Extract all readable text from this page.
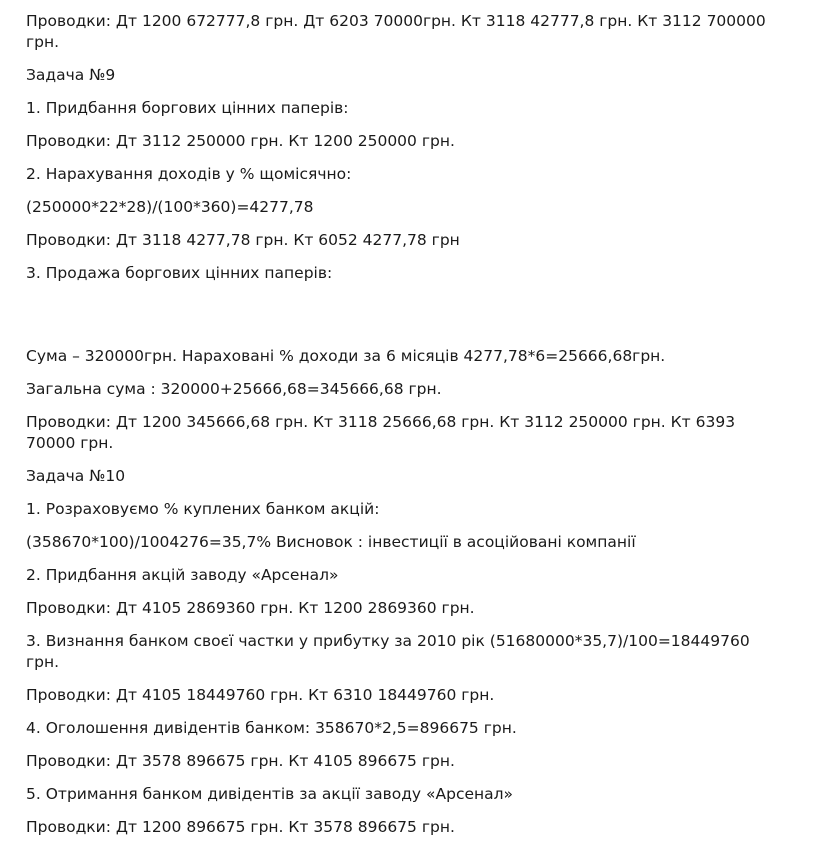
Проводки: Дт 1200 672777,8 грн. Дт 6203 70000грн. Кт 3118 42777,8 грн. Кт 3112 700000 грн.

Задача №9

1. Придбання боргових цінних паперів:

Проводки: Дт 3112 250000 грн. Кт 1200 250000 грн.

2. Нарахування доходів у % щомісячно:

(250000*22*28)/(100*360)=4277,78

Проводки: Дт 3118 4277,78 грн. Кт 6052 4277,78 грн

3. Продажа боргових цінних паперів:

Сума – 320000грн. Нараховані % доходи за 6 місяців 4277,78*6=25666,68грн.

Загальна сума : 320000+25666,68=345666,68 грн.

Проводки: Дт 1200 345666,68 грн. Кт 3118 25666,68 грн. Кт 3112 250000 грн. Кт 6393 70000 грн.

Задача №10

1. Розраховуємо % куплених банком акцій:

(358670*100)/1004276=35,7% Висновок : інвестиції в асоційовані компанії

2. Придбання акцій заводу «Арсенал»

Проводки: Дт 4105 2869360 грн. Кт 1200 2869360 грн.

3. Визнання банком своєї частки у прибутку за 2010 рік (51680000*35,7)/100=18449760 грн.

Проводки: Дт 4105 18449760 грн. Кт 6310 18449760 грн.

4. Оголошення дивідентів банком: 358670*2,5=896675 грн.

Проводки: Дт 3578 896675 грн. Кт 4105 896675 грн.

5. Отримання банком дивідентів за акції заводу «Арсенал»

Проводки: Дт 1200 896675 грн. Кт 3578 896675 грн.
